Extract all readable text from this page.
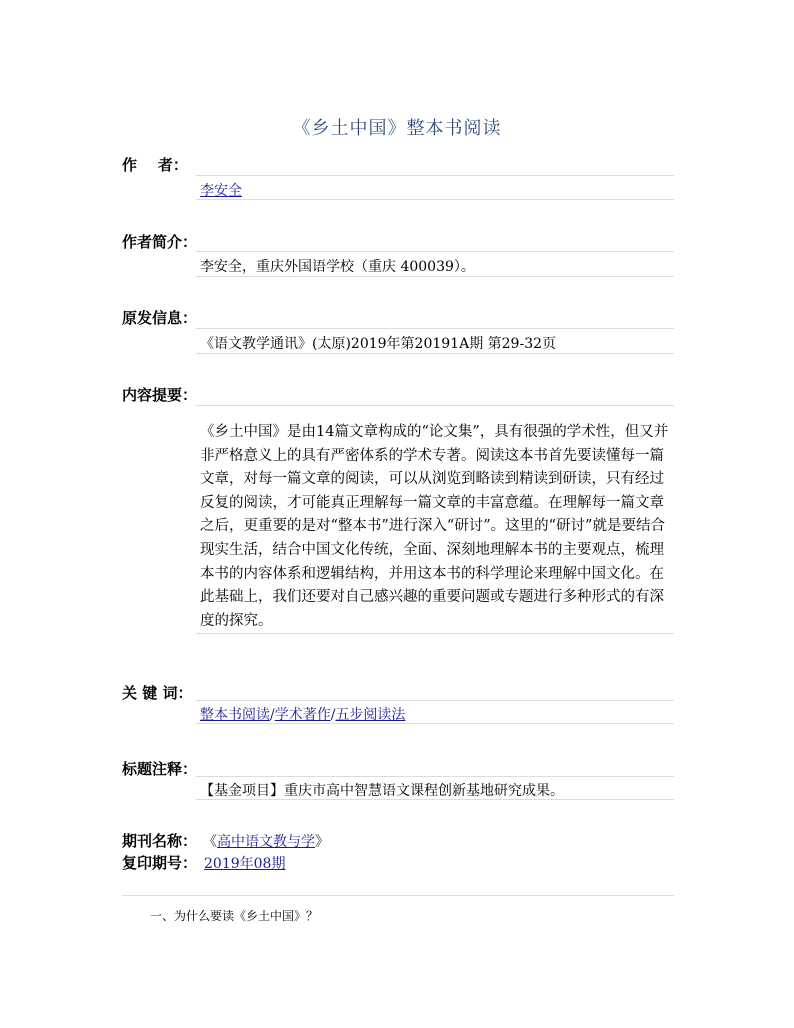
《乡土中国》整本书阅读
作    者：
李安全
作者简介：
李安全，重庆外国语学校（重庆 400039）。
原发信息：
《语文教学通讯》(太原)2019年第20191A期 第29-32页
内容提要：
《乡土中国》是由14篇文章构成的“论文集”，具有很强的学术性，但又并非严格意义上的具有严密体系的学术专著。阅读这本书首先要读懂每一篇文章，对每一篇文章的阅读，可以从浏览到略读到精读到研读，只有经过反复的阅读，才可能真正理解每一篇文章的丰富意蕴。在理解每一篇文章之后，更重要的是对“整本书”进行深入“研讨”。这里的“研讨”就是要结合现实生活，结合中国文化传统，全面、深刻地理解本书的主要观点，梳理本书的内容体系和逻辑结构，并用这本书的科学理论来理解中国文化。在此基础上，我们还要对自己感兴趣的重要问题或专题进行多种形式的有深度的探究。
关 键 词：
整本书阅读/学术著作/五步阅读法
标题注释：
【基金项目】重庆市高中智慧语文课程创新基地研究成果。
期刊名称： 《高中语文教与学》
复印期号： 2019年08期
一、为什么要读《乡土中国》？
